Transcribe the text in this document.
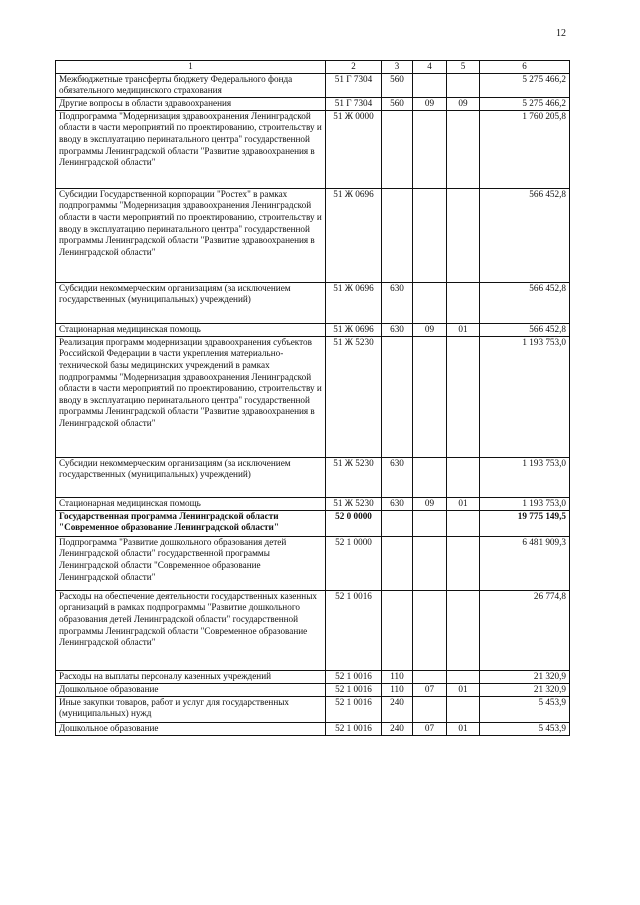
12
1	2	3	4	5	6
Межбюджетные трансферты бюджету Федерального фонда обязательного медицинского страхования	51 Г 7304	560			5 275 466,2
Другие вопросы в области здравоохранения	51 Г 7304	560	09	09	5 275 466,2
Подпрограмма "Модернизация здравоохранения Ленинградской области в части мероприятий по проектированию, строительству и вводу в эксплуатацию перинатального центра" государственной программы Ленинградской области "Развитие здравоохранения в Ленинградской области"	51 Ж 0000				1 760 205,8
Субсидии Государственной корпорации "Ростех" в рамках подпрограммы "Модернизация здравоохранения Ленинградской области в части мероприятий по проектированию, строительству и вводу в эксплуатацию перинатального центра" государственной программы Ленинградской области "Развитие здравоохранения в Ленинградской области"	51 Ж 0696				566 452,8
Субсидии некоммерческим организациям (за исключением государственных (муниципальных) учреждений)	51 Ж 0696	630			566 452,8
Стационарная медицинская помощь	51 Ж 0696	630	09	01	566 452,8
Реализация программ модернизации здравоохранения субъектов Российской Федерации в части укрепления материально-технической базы медицинских учреждений в рамках подпрограммы "Модернизация здравоохранения Ленинградской области в части мероприятий по проектированию, строительству и вводу в эксплуатацию перинатального центра" государственной программы Ленинградской области "Развитие здравоохранения в Ленинградской области"	51 Ж 5230				1 193 753,0
Субсидии некоммерческим организациям (за исключением государственных (муниципальных) учреждений)	51 Ж 5230	630			1 193 753,0
Стационарная медицинская помощь	51 Ж 5230	630	09	01	1 193 753,0
Государственная программа Ленинградской области "Современное образование Ленинградской области"	52 0 0000				19 775 149,5
Подпрограмма "Развитие дошкольного образования детей Ленинградской области" государственной программы Ленинградской области "Современное образование Ленинградской области"	52 1 0000				6 481 909,3
Расходы на обеспечение деятельности государственных казенных организаций в рамках подпрограммы "Развитие дошкольного образования детей Ленинградской области" государственной программы Ленинградской области "Современное образование Ленинградской области"	52 1 0016				26 774,8
Расходы на выплаты персоналу казенных учреждений	52 1 0016	110			21 320,9
Дошкольное образование	52 1 0016	110	07	01	21 320,9
Иные закупки товаров, работ и услуг для государственных (муниципальных) нужд	52 1 0016	240			5 453,9
Дошкольное образование	52 1 0016	240	07	01	5 453,9
